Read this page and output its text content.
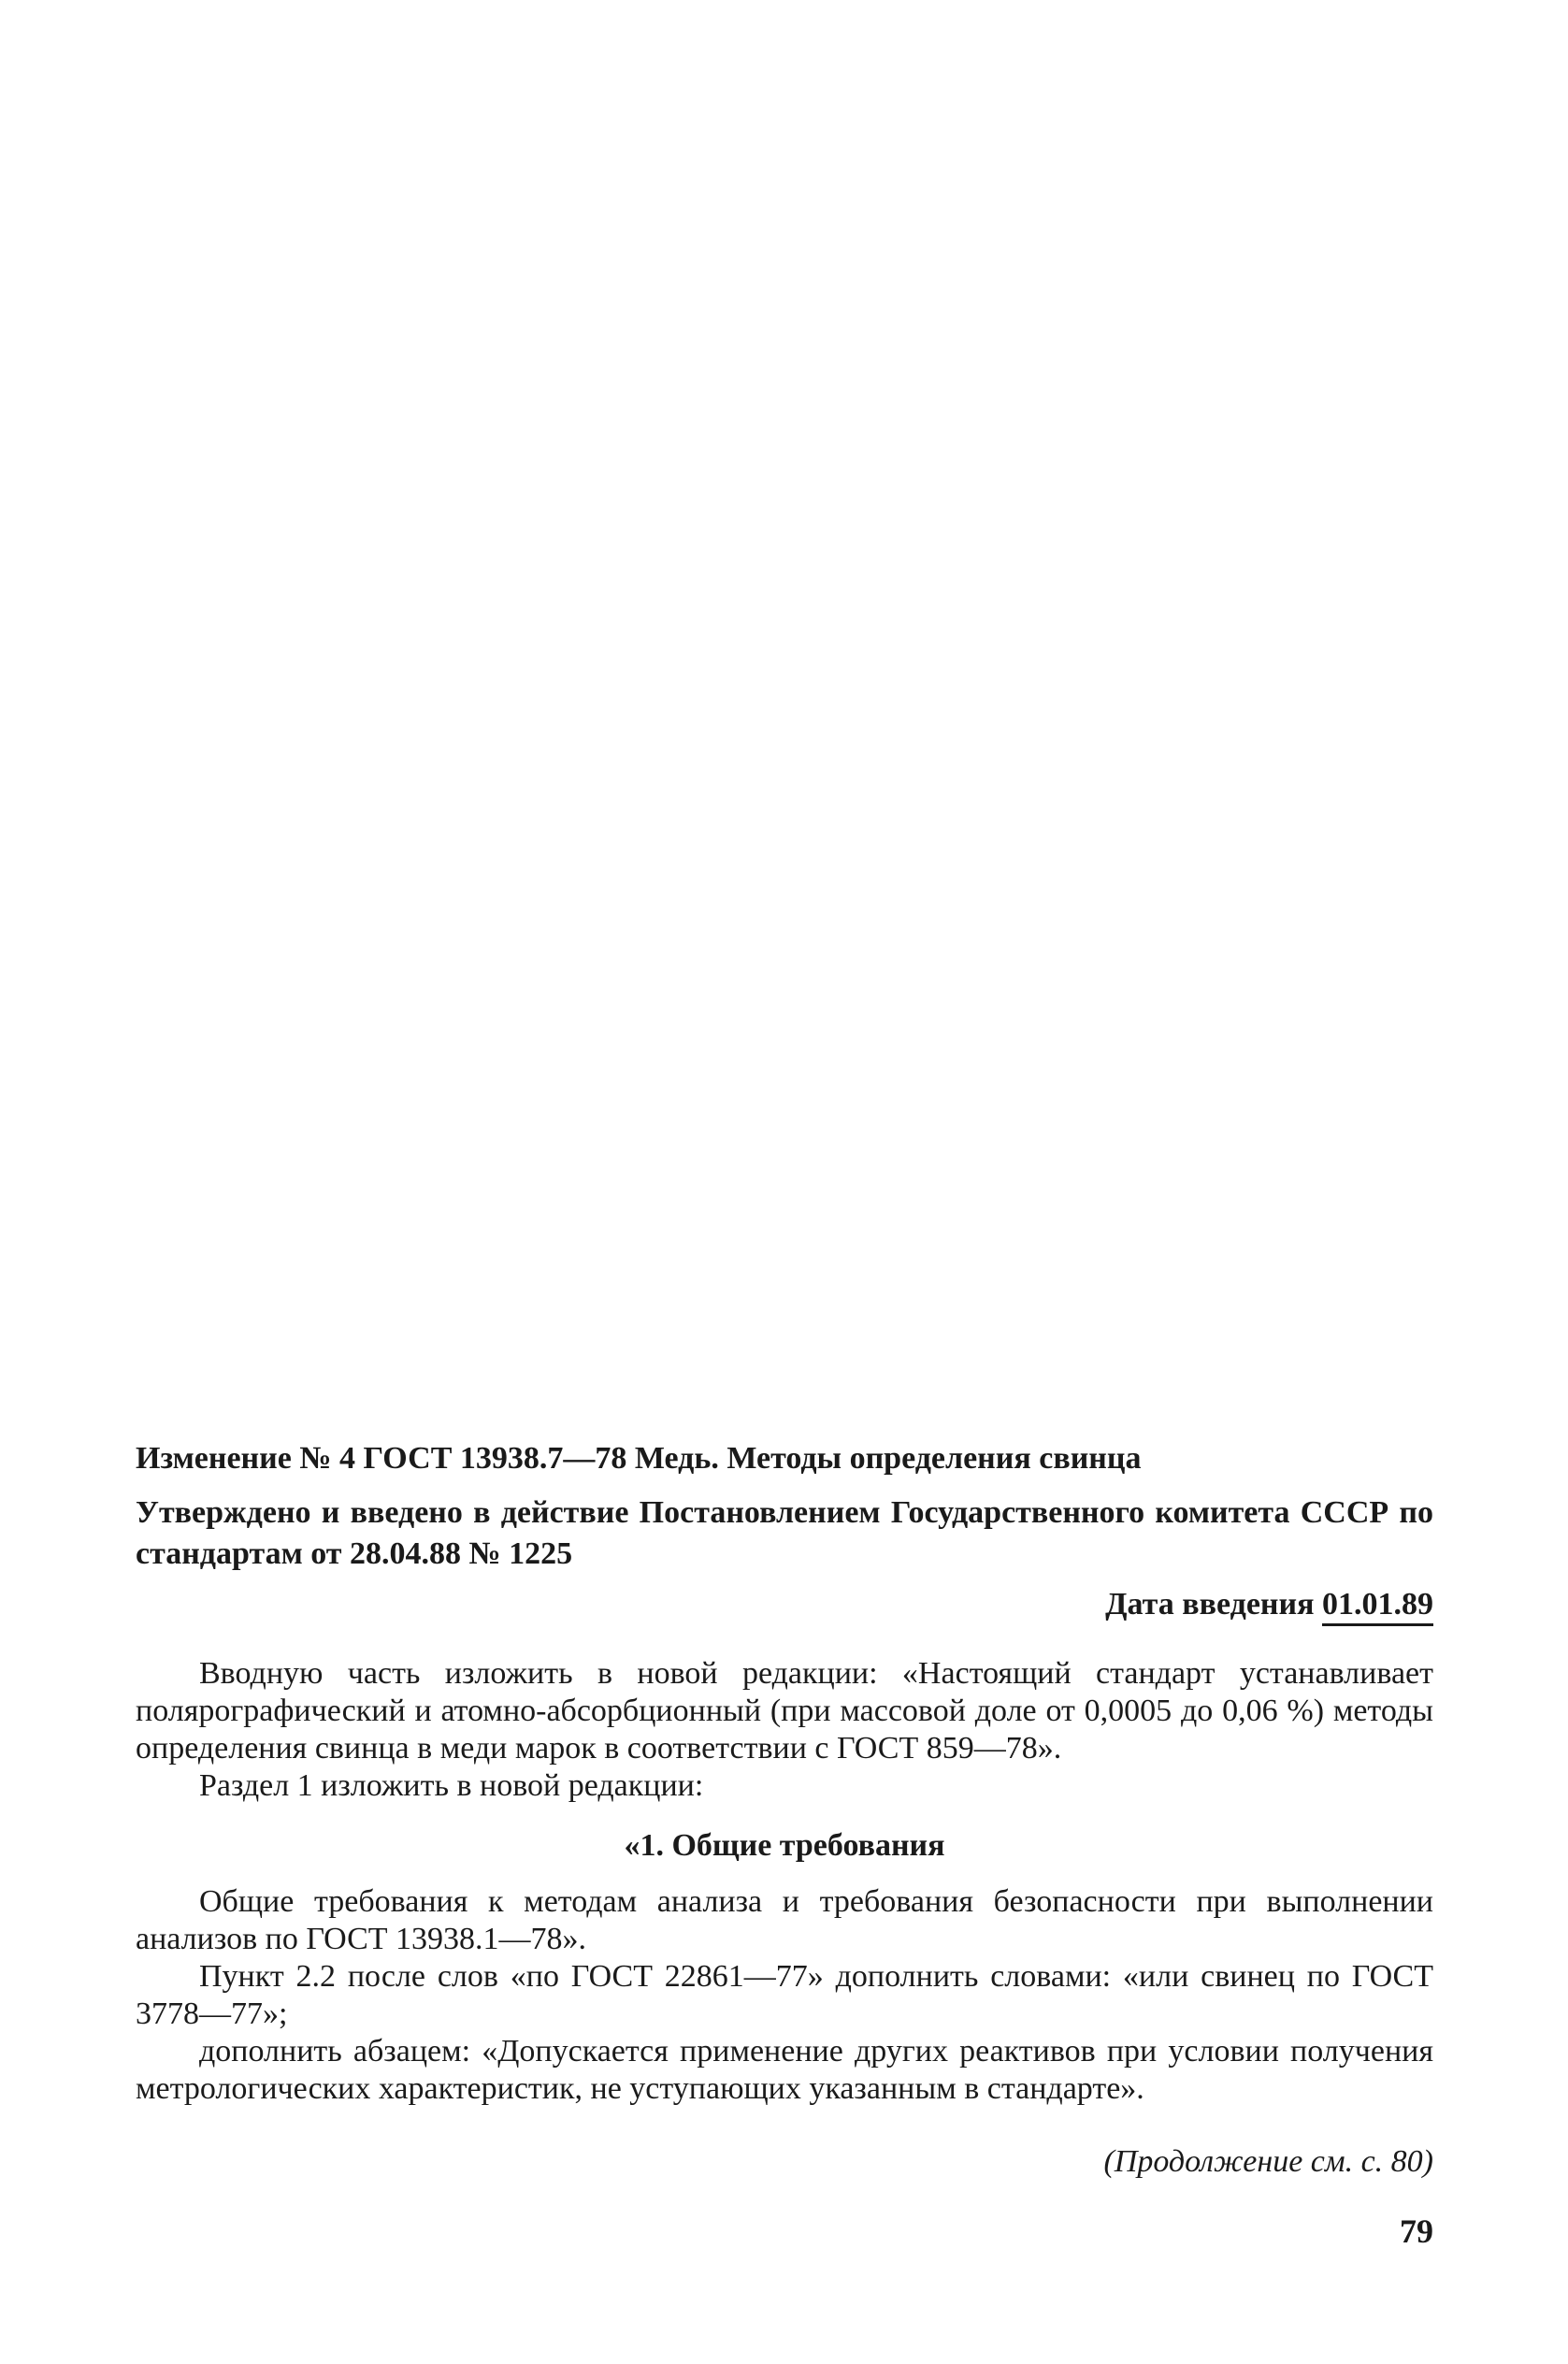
Изменение № 4 ГОСТ 13938.7—78 Медь. Методы определения свинца

Утверждено и введено в действие Постановлением Государственного комитета СССР по стандартам от 28.04.88 № 1225

Дата введения 01.01.89

Вводную часть изложить в новой редакции: «Настоящий стандарт устанавливает полярографический и атомно-абсорбционный (при массовой доле от 0,0005 до 0,06 %) методы определения свинца в меди марок в соответствии с ГОСТ 859—78».

Раздел 1 изложить в новой редакции:

«1. Общие требования

Общие требования к методам анализа и требования безопасности при выполнении анализов по ГОСТ 13938.1—78».

Пункт 2.2 после слов «по ГОСТ 22861—77» дополнить словами: «или свинец по ГОСТ 3778—77»;

дополнить абзацем: «Допускается применение других реактивов при условии получения метрологических характеристик, не уступающих указанным в стандарте».

(Продолжение см. с. 80)

79
